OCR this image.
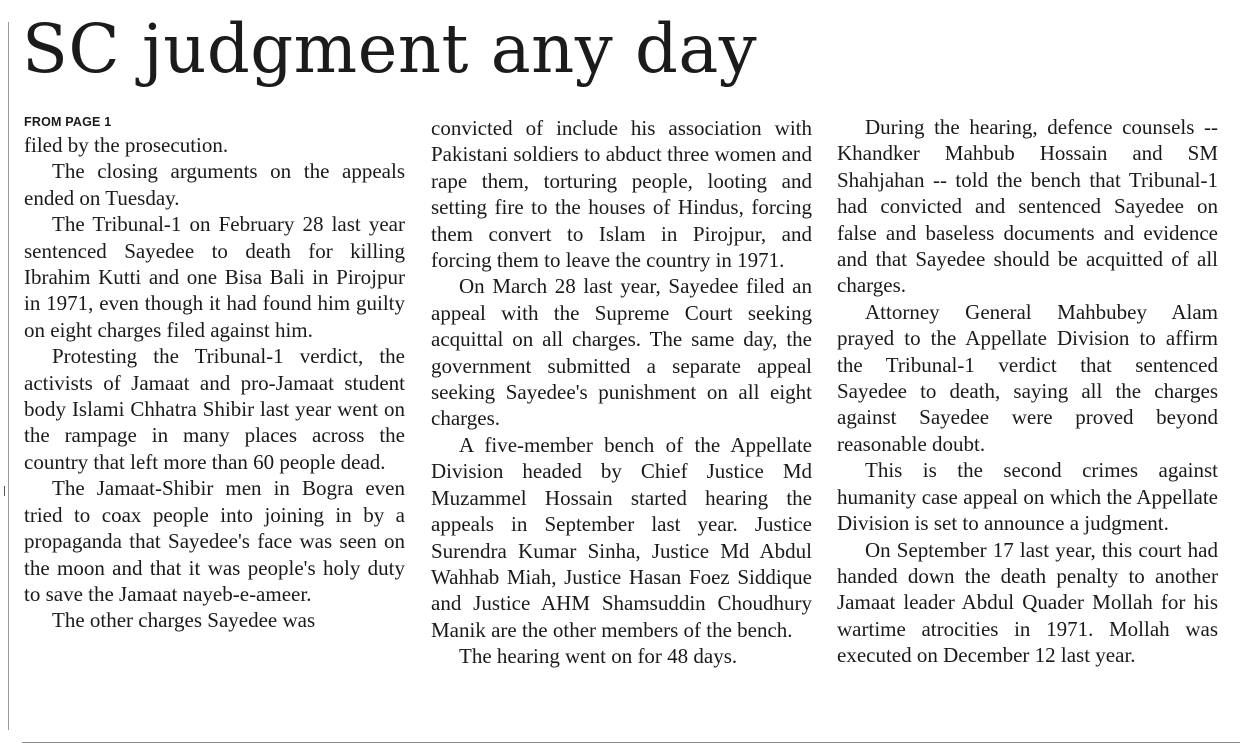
SC judgment any day
FROM PAGE 1

filed by the prosecution.

The closing arguments on the appeals ended on Tuesday.

The Tribunal-1 on February 28 last year sentenced Sayedee to death for killing Ibrahim Kutti and one Bisa Bali in Pirojpur in 1971, even though it had found him guilty on eight charges filed against him.

Protesting the Tribunal-1 verdict, the activists of Jamaat and pro-Jamaat student body Islami Chhatra Shibir last year went on the rampage in many places across the country that left more than 60 people dead.

The Jamaat-Shibir men in Bogra even tried to coax people into joining in by a propaganda that Sayedee's face was seen on the moon and that it was people's holy duty to save the Jamaat nayeb-e-ameer.

The other charges Sayedee was

convicted of include his association with Pakistani soldiers to abduct three women and rape them, torturing people, looting and setting fire to the houses of Hindus, forcing them convert to Islam in Pirojpur, and forcing them to leave the country in 1971.

On March 28 last year, Sayedee filed an appeal with the Supreme Court seeking acquittal on all charges. The same day, the government submitted a separate appeal seeking Sayedee's punishment on all eight charges.

A five-member bench of the Appellate Division headed by Chief Justice Md Muzammel Hossain started hearing the appeals in September last year. Justice Surendra Kumar Sinha, Justice Md Abdul Wahhab Miah, Justice Hasan Foez Siddique and Justice AHM Shamsuddin Choudhury Manik are the other members of the bench.

The hearing went on for 48 days.

During the hearing, defence counsels -- Khandker Mahbub Hossain and SM Shahjahan -- told the bench that Tribunal-1 had convicted and sentenced Sayedee on false and baseless documents and evidence and that Sayedee should be acquitted of all charges.

Attorney General Mahbubey Alam prayed to the Appellate Division to affirm the Tribunal-1 verdict that sentenced Sayedee to death, saying all the charges against Sayedee were proved beyond reasonable doubt.

This is the second crimes against humanity case appeal on which the Appellate Division is set to announce a judgment.

On September 17 last year, this court had handed down the death penalty to another Jamaat leader Abdul Quader Mollah for his wartime atrocities in 1971. Mollah was executed on December 12 last year.
